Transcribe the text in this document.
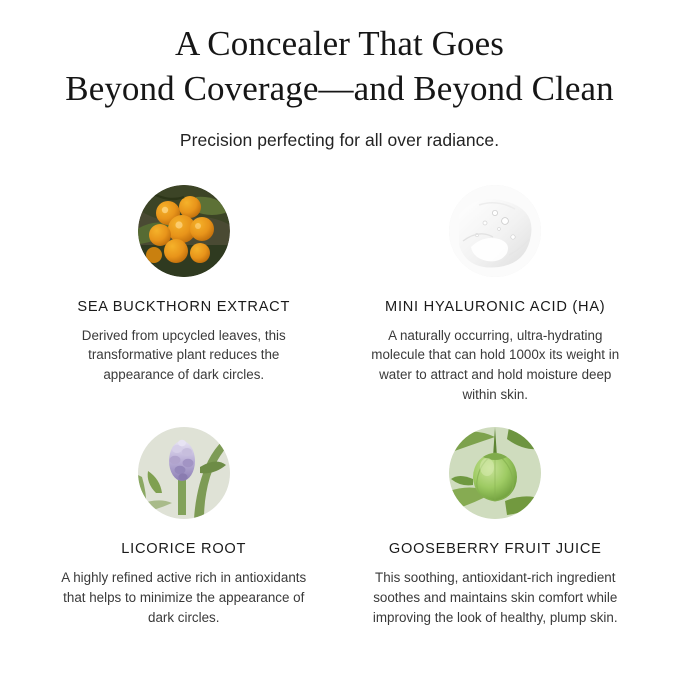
A Concealer That Goes
Beyond Coverage—and Beyond Clean
Precision perfecting for all over radiance.
SEA BUCKTHORN EXTRACT
Derived from upcycled leaves, this transformative plant reduces the appearance of dark circles.
MINI HYALURONIC ACID (HA)
A naturally occurring, ultra-hydrating molecule that can hold 1000x its weight in water to attract and hold moisture deep within skin.
LICORICE ROOT
A highly refined active rich in antioxidants that helps to minimize the appearance of dark circles.
GOOSEBERRY FRUIT JUICE
This soothing, antioxidant-rich ingredient soothes and maintains skin comfort while improving the look of healthy, plump skin.
